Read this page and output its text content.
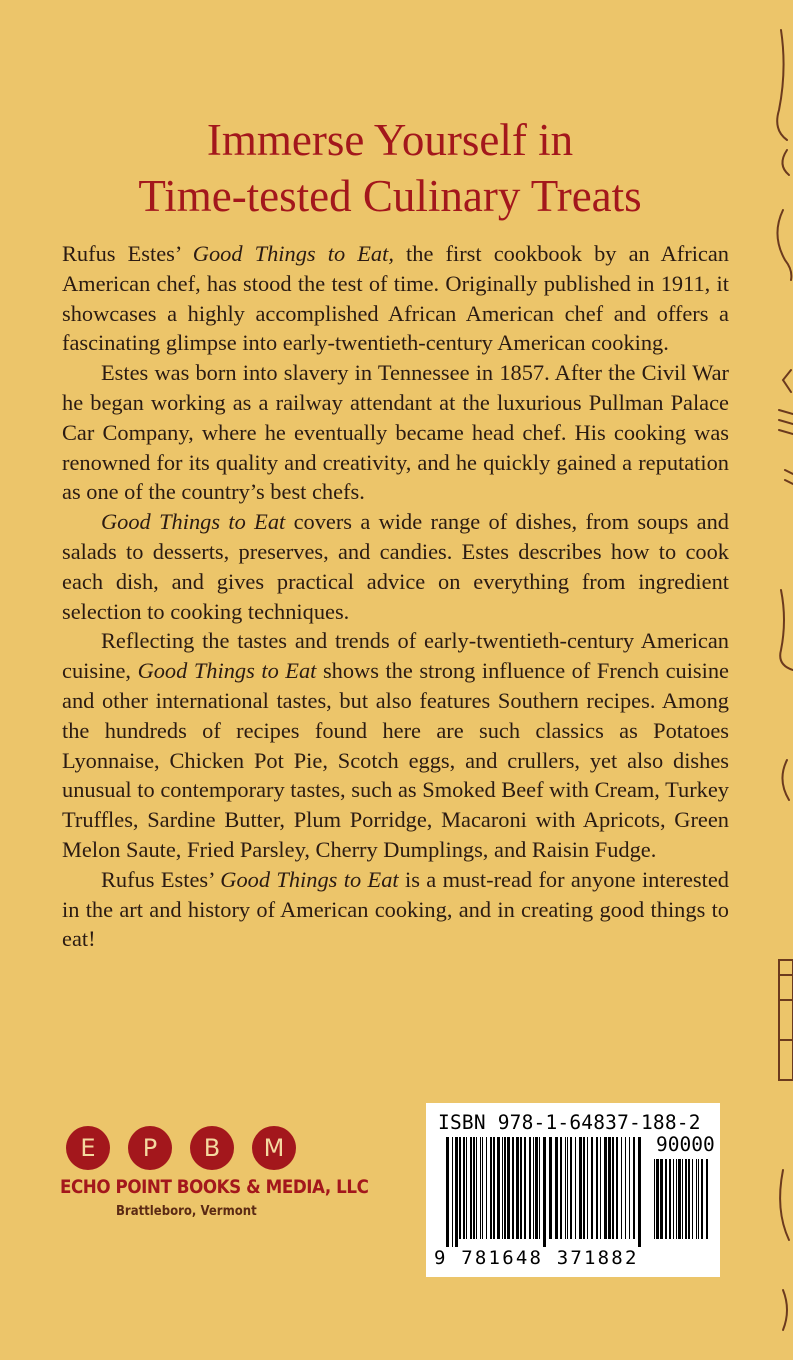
Immerse Yourself in
Time-tested Culinary Treats

Rufus Estes’ Good Things to Eat, the first cookbook by an African American chef, has stood the test of time. Originally published in 1911, it showcases a highly accomplished African American chef and offers a fascinating glimpse into early-twentieth-century American cooking.

Estes was born into slavery in Tennessee in 1857. After the Civil War he began working as a railway attendant at the luxurious Pullman Palace Car Company, where he eventually became head chef. His cooking was renowned for its quality and creativity, and he quickly gained a reputation as one of the country’s best chefs.

Good Things to Eat covers a wide range of dishes, from soups and salads to desserts, preserves, and candies. Estes describes how to cook each dish, and gives practical advice on everything from ingredient selection to cooking techniques.

Reflecting the tastes and trends of early-twentieth-century American cuisine, Good Things to Eat shows the strong influence of French cuisine and other international tastes, but also features Southern recipes. Among the hundreds of recipes found here are such classics as Potatoes Lyonnaise, Chicken Pot Pie, Scotch eggs, and crullers, yet also dishes unusual to contemporary tastes, such as Smoked Beef with Cream, Turkey Truffles, Sardine Butter, Plum Porridge, Macaroni with Apricots, Green Melon Saute, Fried Parsley, Cherry Dumplings, and Raisin Fudge.

Rufus Estes’ Good Things to Eat is a must-read for anyone interested in the art and history of American cooking, and in creating good things to eat!

E	P	B	M
ECHO POINT BOOKS & MEDIA, LLC
Brattleboro, Vermont
ISBN 978-1-64837-188-2
90000
9 781648 371882
